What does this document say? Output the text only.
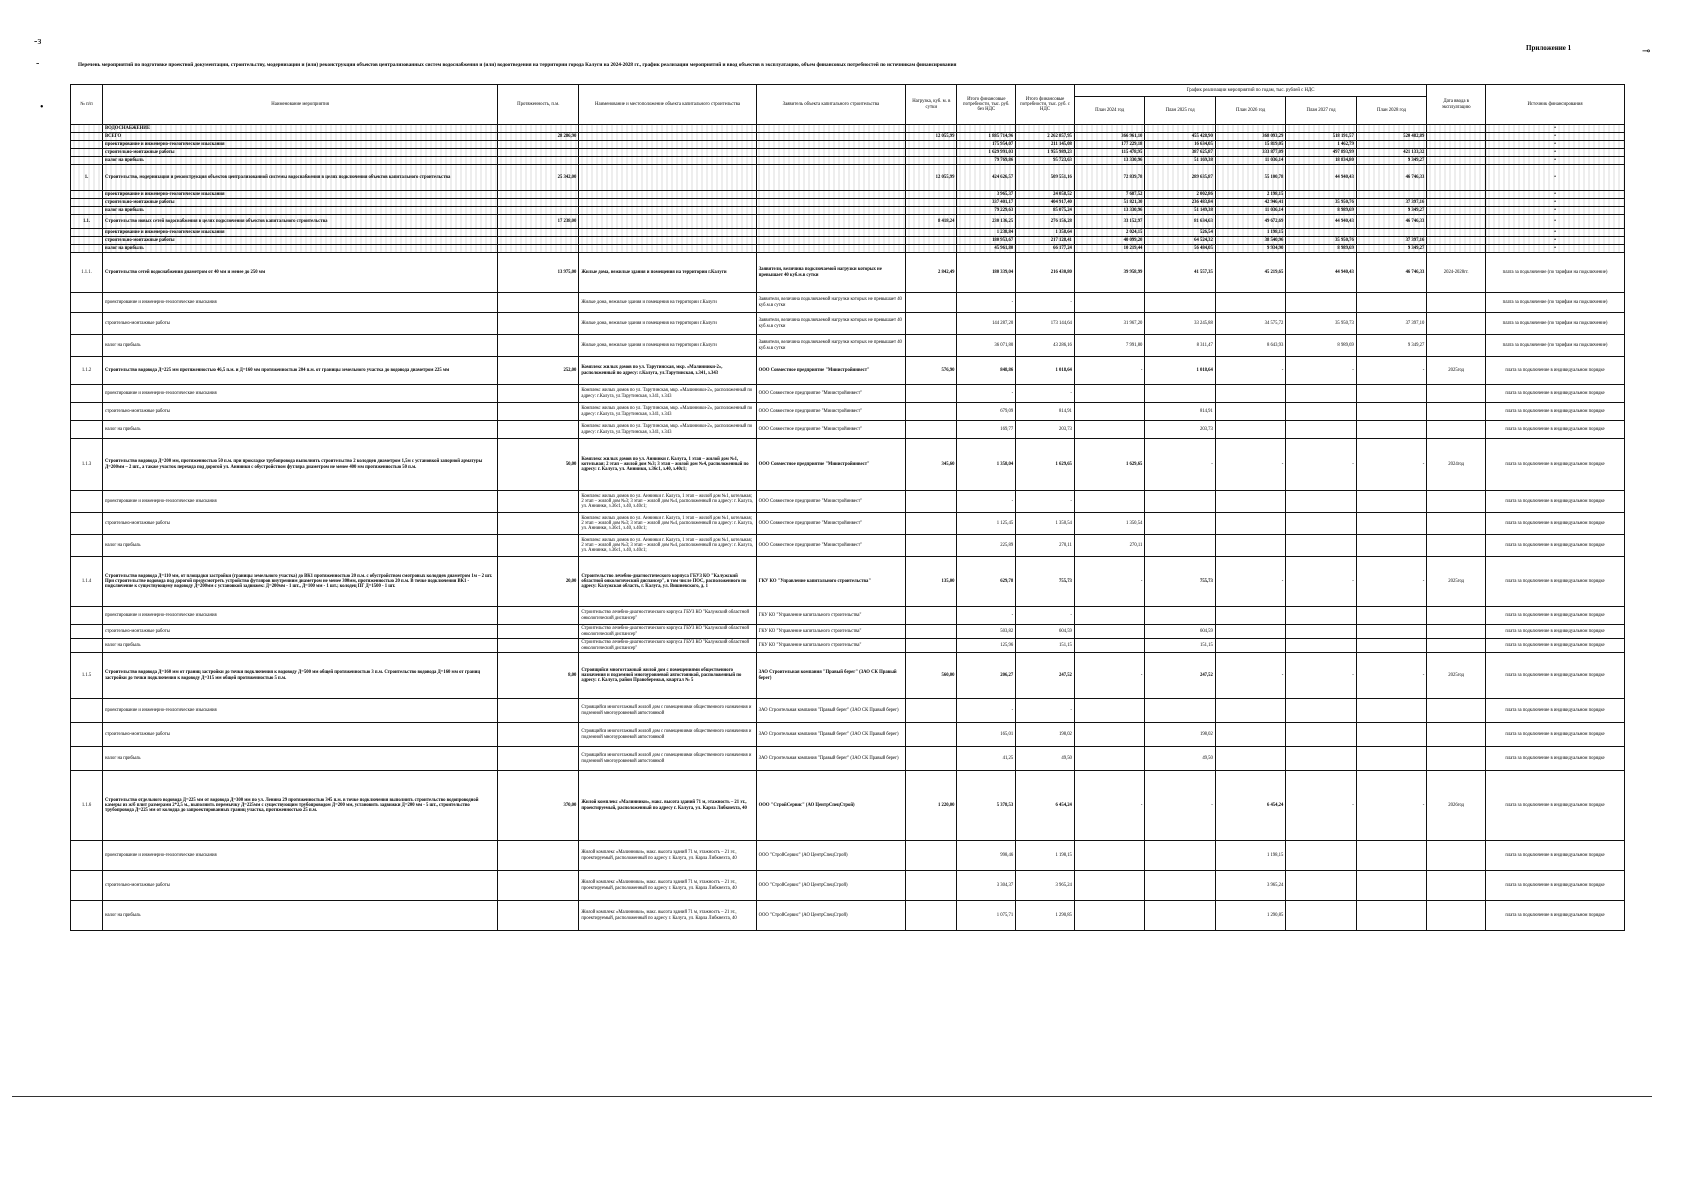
-з
-
•
⊸
Приложение 1
Перечень мероприятий по подготовке проектной документации, строительству, модернизации и (или) реконструкции объектов централизованных систем водоснабжения и (или) водоотведения на территории города Калуги на 2024-2028 гг., график реализации мероприятий и ввод объектов в эксплуатацию, объем финансовых потребностей по источникам финансирования
№ п/п	Наименование мероприятия	Протяженность, п.м.	Наименование и местоположение объекта капитального строительства	Заявитель объекта капитального строительства	Нагрузка, куб. м. в сутки	Итого финансовые потребности, тыс. руб. без НДС	Итого финансовые потребности, тыс. руб. с НДС	График реализации мероприятий по годам, тыс. рублей с НДС					Дата ввода в эксплуатацию	Источник финансирования
								План 2024 год	План 2025 год	План 2026 год	План 2027 год	План 2028 год		
	ВОДОСНАБЖЕНИЕ													•
	ВСЕГО	28 286,90			12 055,99	1 885 714,96	2 262 857,95	366 961,10	455 428,90	368 093,29	518 191,57	520 482,89		•
	проектирование и инженерно-геологические изыскания					175 954,07	211 145,08	177 229,18	16 634,05	15 819,05	1 462,79			•
	строительно-монтажные работы					1 629 991,03	1 955 989,23	115 478,95	387 625,87	333 877,09	497 893,99	421 133,32		•
	налог на прибыль					79 769,86	95 723,63	13 330,96	51 169,38	11 036,14	18 834,80	9 349,27		•
1.	Строительство, модернизация и реконструкция объектов централизованной системы водоснабжения в целях подключения объектов капитального строительства	25 342,00			12 055,99	424 626,57	509 551,16	72 839,78	289 635,87	55 100,78	44 940,43	46 746,33		•
	проектирование и инженерно-геологические изыскания					3 965,37	24 058,52	7 687,52	2 002,86	2 198,15				•
	строительно-монтажные работы					337 401,17	404 917,40	51 821,30	236 483,84	42 946,41	35 950,76	37 397,16		•
	налог на прибыль					79 229,63	85 075,24	13 330,96	51 149,38	11 036,14	8 989,69	9 349,27		•
1.1.	Строительство новых сетей водоснабжения в целях подключения объектов капитального строительства	17 238,00			8 418,24	230 136,25	276 156,28	33 152,97	81 634,63	49 672,69	44 940,43	46 746,33		•
	проектирование и инженерно-геологические изыскания					1 238,84	1 358,64	2 024,15	526,54	1 198,15				•
	строительно-монтажные работы					180 953,67	217 128,41	40 099,20	64 524,32	38 540,96	35 950,76	37 397,16		•
	налог на прибыль					45 961,80	66 177,24	10 219,44	56 484,05	9 934,90	8 989,69	9 349,27		•
1.1.1.	Строительство сетей водоснабжения диаметром от 40 мм и менее до 250 мм	13 975,00	Жилые дома, нежилые здания и помещения на территории г.Калуги	Заявители, величина подключаемой нагрузки которых не превышает 40 куб.м.в сутки	2 842,49	180 339,04	216 430,80	39 958,99	41 557,35	45 219,65	44 940,43	46 746,33	2024-2028гг.	плата за подключение (по тарифам на подключение)
	проектирование и инженерно-геологические изыскания		Жилые дома, нежилые здания и помещения на территории г.Калуги	Заявители, величина подключаемой нагрузки которых не превышает 40 куб.м.в сутки		-	-							плата за подключение (по тарифам на подключение)
	строительно-монтажные работы		Жилые дома, нежилые здания и помещения на территории г.Калуги	Заявители, величина подключаемой нагрузки которых не превышает 40 куб.м.в сутки		144 287,20	173 144,64	31 967,20	33 245,88	34 575,72	35 950,73	37 397,10		плата за подключение (по тарифам на подключение)
	налог на прибыль		Жилые дома, нежилые здания и помещения на территории г.Калуги	Заявители, величина подключаемой нагрузки которых не превышает 40 куб.м.в сутки		36 071,80	43 286,16	7 991,80	8 311,47	8 643,93	8 989,69	9 349,27		плата за подключение (по тарифам на подключение)
1.1.2	Строительство водовода Д=225 мм протяженностью 46,5 п.м. и Д=160 мм протяженностью 204 п.м. от границы земельного участка до водовода диаметром 225 мм	252,00	Комплекс жилых домов по ул. Тарутинская, мкр. «Малинники-2», расположенный по адресу: г.Калуга, ул.Тарутинская, з.341, з.343	ООО Совместное предприятие "Мииистройинвест"	576,90	848,86	1 018,64	-	1 018,64	-	-	-	2025год	плата за подключение в индивидуальном порядке
	проектирование и инженерно-геологические изыскания		Комплекс жилых домов по ул. Тарутинская, мкр. «Малинники-2», расположенный по адресу: г.Калуга, ул.Тарутинская, з.341, з.343	ООО Совместное предприятие "Мииистройинвест"		-	-							плата за подключение в индивидуальном порядке
	строительно-монтажные работы		Комплекс жилых домов по ул. Тарутинская, мкр. «Малинники-2», расположенный по адресу: г.Калуга, ул.Тарутинская, з.341, з.343	ООО Совместное предприятие "Мииистройинвест"		679,09	814,91		814,91					плата за подключение в индивидуальном порядке
	налог на прибыль		Комплекс жилых домов по ул. Тарутинская, мкр. «Малинники-2», расположенный по адресу: г.Калуга, ул.Тарутинская, з.341, з.343	ООО Совместное предприятие "Мииистройинвест"		169,77	203,73		203,73					плата за подключение в индивидуальном порядке
1.1.3	Строительство водовода Д=200 мм, протяженностью 50 п.м. при прокладке трубопровода выполнить строительство 2 колодцев диаметром 1,5м с установкой запорной арматуры Д=200мм – 2 шт., а также участок перехода под дорогой ул. Аннинки с обустройством футляра диаметром не менее 400 мм протяженностью 50 п.м.	50,00	Комплекс жилых домов по ул. Аннинки г. Калуга, 1 этап – жилой дом №1, котельная; 2 этап – жилой дом №3; 3 этап – жилой дом №4, расположенный по адресу: г. Калуга, ул. Аннинки, з.36с1, з.40, з.40с1;	ООО Совместное предприятие "Мииистройинвест"	345,60	1 358,04	1 629,65	1 629,65	-	-	-	-	2024год	плата за подключение в индивидуальном порядке
	проектирование и инженерно-геологические изыскания		Комплекс жилых домов по ул. Аннинки г. Калуга, 1 этап – жилой дом №1, котельная; 2 этап – жилой дом №3; 3 этап – жилой дом №4, расположенный по адресу: г. Калуга, ул. Аннинки, з.36с1, з.40, з.40с1;	ООО Совместное предприятие "Мииистройинвест"		-	-							плата за подключение в индивидуальном порядке
	строительно-монтажные работы		Комплекс жилых домов по ул. Аннинки г. Калуга, 1 этап – жилой дом №1, котельная; 2 этап – жилой дом №3; 3 этап – жилой дом №4, расположенный по адресу: г. Калуга, ул. Аннинки, з.36с1, з.40, з.40с1;	ООО Совместное предприятие "Мииистройинвест"		1 125,45	1 350,54	1 350,54						плата за подключение в индивидуальном порядке
	налог на прибыль		Комплекс жилых домов по ул. Аннинки г. Калуга, 1 этап – жилой дом №1, котельная; 2 этап – жилой дом №3; 3 этап – жилой дом №4, расположенный по адресу: г. Калуга, ул. Аннинки, з.36с1, з.40, з.40с1;	ООО Совместное предприятие "Мииистройинвест"		225,89	270,11	270,11						плата за подключение в индивидуальном порядке
1.1.4	Строительство водовода Д=110 мм, от площадки застройки (границы земельного участка) до ВК1 протяженностью 20 п.м. с обустройством смотровых колодцев диаметром 1м – 2 шт. При строительстве водовода под дорогой предусмотреть устройство футляров внутренним диаметром не менее 300мм, протяженностью 20 п.м. В точке подключения ВК1 - подключение к существующему водоводу Д=200мм с установкой задвижек: Д=200мм - 1 шт., Д=100 мм - 1 шт.; колодец ПГ Д=1500 - 1 шт.	20,00	Строительство лечебно-диагностического корпуса ГБУЗ КО "Калужский областной онкологический диспансер", в том числе ПОС, расположенного по адресу: Калужская область, г. Калуга, ул. Вишневского, д. 1	ГКУ КО "Управление капитального строительства"	135,00	629,78	755,73	-	755,73	-	-	-	2025год	плата за подключение в индивидуальном порядке
	проектирование и инженерно-геологические изыскания		Строительство лечебно-диагностического корпуса ГБУЗ КО "Калужский областной онкологический диспансер"	ГКУ КО "Управление капитального строительства"		-	-							плата за подключение в индивидуальном порядке
	строительно-монтажные работы		Строительство лечебно-диагностического корпуса ГБУЗ КО "Калужский областной онкологический диспансер"	ГКУ КО "Управление капитального строительства"		503,82	604,59		604,59					плата за подключение в индивидуальном порядке
	налог на прибыль		Строительство лечебно-диагностического корпуса ГБУЗ КО "Калужский областной онкологический диспансер"	ГКУ КО "Управление капитального строительства"		125,96	151,15		151,15					плата за подключение в индивидуальном порядке
1.1.5	Строительство водовода Д=160 мм от границ застройки до точки подключения к водоводу Д=500 мм общей протяженностью 3 п.м. Строительство водовода Д=160 мм от границ застройки до точки подключения к водоводу Д=315 мм общей протяженностью 5 п.м.	8,00	Строящийся многоэтажный жилой дом с помещениями общественного назначения и подземной многоуровневой автостоянкой, расположенный по адресу: г. Калуга, район Правобережья, квартал № 5	ЗАО Строительная компания "Правый берег" (ЗАО СК Правый берег)	560,00	206,27	247,52	-	247,52	-	-	-	2025год	плата за подключение в индивидуальном порядке
	проектирование и инженерно-геологические изыскания		Строящийся многоэтажный жилой дом с помещениями общественного назначения и подземной многоуровневой автостоянкой	ЗАО Строительная компания "Правый берег" (ЗАО СК Правый берег)		-	-							плата за подключение в индивидуальном порядке
	строительно-монтажные работы		Строящийся многоэтажный жилой дом с помещениями общественного назначения и подземной многоуровневой автостоянкой	ЗАО Строительная компания "Правый берег" (ЗАО СК Правый берег)		165,01	198,02		198,02					плата за подключение в индивидуальном порядке
	налог на прибыль		Строящийся многоэтажный жилой дом с помещениями общественного назначения и подземной многоуровневой автостоянкой	ЗАО Строительная компания "Правый берег" (ЗАО СК Правый берег)		41,25	49,50		49,50					плата за подключение в индивидуальном порядке
1.1.6	Строительство отдельного водовода Д=225 мм от водовода Д=300 мм по ул. Ленина 29 протяженностью 345 п.м. в точке подключения выполнить строительство водопроводной камеры из ж/б плит размерами 2*2,5 м., выполнить перемычку Д=225мм с существующим трубопроводом Д=200 мм, установить задвижки Д=200 мм - 5 шт., строительство трубопровода Д=225 мм от колодца до запроектированных границ участка, протяженностью 25 п.м.	370,00	Жилой комплекс «Малинники», макс. высота зданий 71 м, этажность – 21 эт., проектируемый, расположенный по адресу г. Калуга, ул. Карла Либкнехта, 40	ООО "СтройСервис" (АО ЦентрСпецСтрой)	1 220,00	5 378,53	6 454,24	-	-	6 454,24	-	-	2026год	плата за подключение в индивидуальном порядке
	проектирование и инженерно-геологические изыскания		Жилой комплекс «Малинники», макс. высота зданий 71 м, этажность – 21 эт., проектируемый, расположенный по адресу г. Калуга, ул. Карла Либкнехта, 40	ООО "СтройСервис" (АО ЦентрСпецСтрой)		998,46	1 198,15			1 198,15				плата за подключение в индивидуальном порядке
	строительно-монтажные работы		Жилой комплекс «Малинники», макс. высота зданий 71 м, этажность – 21 эт., проектируемый, расположенный по адресу г. Калуга, ул. Карла Либкнехта, 40	ООО "СтройСервис" (АО ЦентрСпецСтрой)		3 304,37	3 965,24			3 965,24				плата за подключение в индивидуальном порядке
	налог на прибыль		Жилой комплекс «Малинники», макс. высота зданий 71 м, этажность – 21 эт., проектируемый, расположенный по адресу г. Калуга, ул. Карла Либкнехта, 40	ООО "СтройСервис" (АО ЦентрСпецСтрой)		1 075,71	1 290,85			1 290,85				плата за подключение в индивидуальном порядке
